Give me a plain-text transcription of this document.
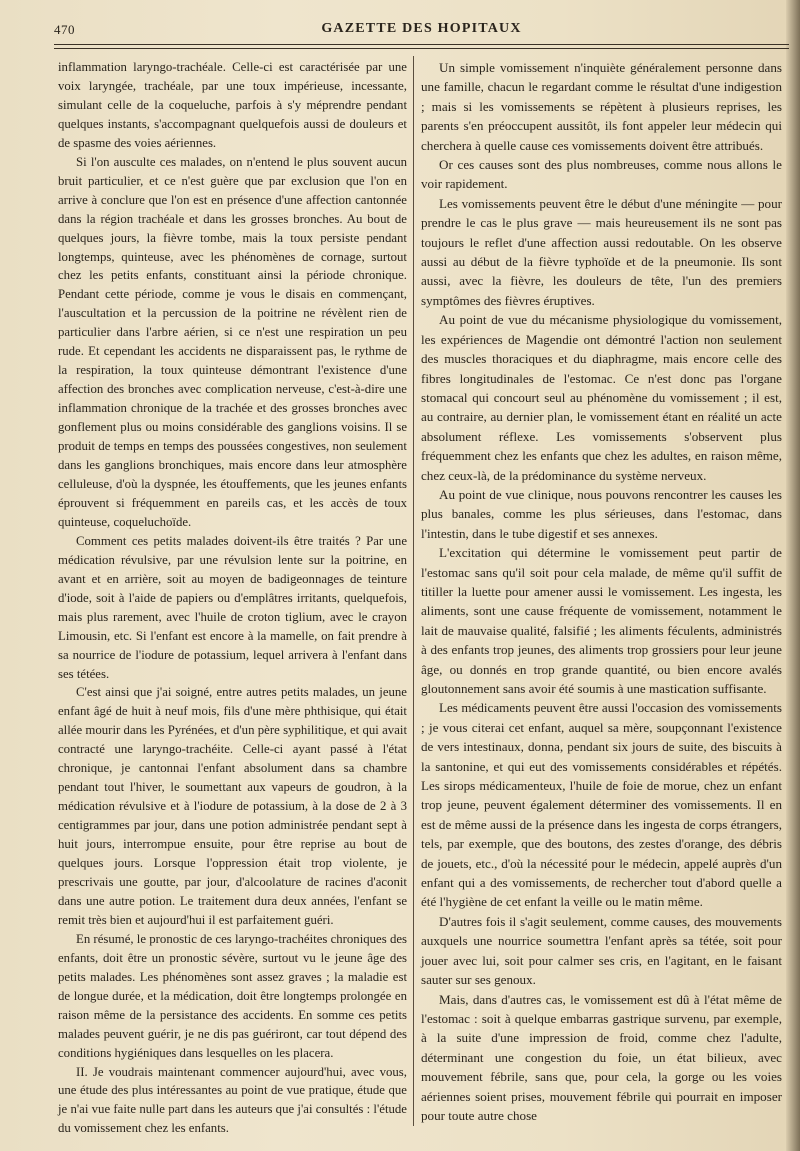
470	GAZETTE DES HOPITAUX

inflammation laryngo-trachéale. Celle-ci est caractérisée par une voix laryngée, trachéale, par une toux impérieuse, incessante, simulant celle de la coqueluche, parfois à s'y méprendre pendant quelques instants, s'accompagnant quelquefois aussi de douleurs et de spasme des voies aériennes.

Si l'on ausculte ces malades, on n'entend le plus souvent aucun bruit particulier, et ce n'est guère que par exclusion que l'on en arrive à conclure que l'on est en présence d'une affection cantonnée dans la région trachéale et dans les grosses bronches. Au bout de quelques jours, la fièvre tombe, mais la toux persiste pendant longtemps, quinteuse, avec les phénomènes de cornage, surtout chez les petits enfants, constituant ainsi la période chronique. Pendant cette période, comme je vous le disais en commençant, l'auscultation et la percussion de la poitrine ne révèlent rien de particulier dans l'arbre aérien, si ce n'est une respiration un peu rude. Et cependant les accidents ne disparaissent pas, le rythme de la respiration, la toux quinteuse démontrant l'existence d'une affection des bronches avec complication nerveuse, c'est-à-dire une inflammation chronique de la trachée et des grosses bronches avec gonflement plus ou moins considérable des ganglions voisins. Il se produit de temps en temps des poussées congestives, non seulement dans les ganglions bronchiques, mais encore dans leur atmosphère celluleuse, d'où la dyspnée, les étouffements, que les jeunes enfants éprouvent si fréquemment en pareils cas, et les accès de toux quinteuse, coqueluchoïde.

Comment ces petits malades doivent-ils être traités ? Par une médication révulsive, par une révulsion lente sur la poitrine, en avant et en arrière, soit au moyen de badigeonnages de teinture d'iode, soit à l'aide de papiers ou d'emplâtres irritants, quelquefois, mais plus rarement, avec l'huile de croton tiglium, avec le crayon Limousin, etc. Si l'enfant est encore à la mamelle, on fait prendre à sa nourrice de l'iodure de potassium, lequel arrivera à l'enfant dans ses tétées.

C'est ainsi que j'ai soigné, entre autres petits malades, un jeune enfant âgé de huit à neuf mois, fils d'une mère phthisique, qui était allée mourir dans les Pyrénées, et d'un père syphilitique, et qui avait contracté une laryngo-trachéite. Celle-ci ayant passé à l'état chronique, je cantonnai l'enfant absolument dans sa chambre pendant tout l'hiver, le soumettant aux vapeurs de goudron, à la médication révulsive et à l'iodure de potassium, à la dose de 2 à 3 centigrammes par jour, dans une potion administrée pendant sept à huit jours, interrompue ensuite, pour être reprise au bout de quelques jours. Lorsque l'oppression était trop violente, je prescrivais une goutte, par jour, d'alcoolature de racines d'aconit dans une autre potion. Le traitement dura deux années, l'enfant se remit très bien et aujourd'hui il est parfaitement guéri.

En résumé, le pronostic de ces laryngo-trachéites chroniques des enfants, doit être un pronostic sévère, surtout vu le jeune âge des petits malades. Les phénomènes sont assez graves ; la maladie est de longue durée, et la médication, doit être longtemps prolongée en raison même de la persistance des accidents. En somme ces petits malades peuvent guérir, je ne dis pas guériront, car tout dépend des conditions hygiéniques dans lesquelles on les placera.

II. Je voudrais maintenant commencer aujourd'hui, avec vous, une étude des plus intéressantes au point de vue pratique, étude que je n'ai vue faite nulle part dans les auteurs que j'ai consultés : l'étude du vomissement chez les enfants.

Un simple vomissement n'inquiète généralement personne dans une famille, chacun le regardant comme le résultat d'une indigestion ; mais si les vomissements se répètent à plusieurs reprises, les parents s'en préoccupent aussitôt, ils font appeler leur médecin qui cherchera à quelle cause ces vomissements doivent être attribués.

Or ces causes sont des plus nombreuses, comme nous allons le voir rapidement.

Les vomissements peuvent être le début d'une méningite — pour prendre le cas le plus grave — mais heureusement ils ne sont pas toujours le reflet d'une affection aussi redoutable. On les observe aussi au début de la fièvre typhoïde et de la pneumonie. Ils sont aussi, avec la fièvre, les douleurs de tête, l'un des premiers symptômes des fièvres éruptives.

Au point de vue du mécanisme physiologique du vomissement, les expériences de Magendie ont démontré l'action non seulement des muscles thoraciques et du diaphragme, mais encore celle des fibres longitudinales de l'estomac. Ce n'est donc pas l'organe stomacal qui concourt seul au phénomène du vomissement ; il est, au contraire, au dernier plan, le vomissement étant en réalité un acte absolument réflexe. Les vomissements s'observent plus fréquemment chez les enfants que chez les adultes, en raison même, chez ceux-là, de la prédominance du système nerveux.

Au point de vue clinique, nous pouvons rencontrer les causes les plus banales, comme les plus sérieuses, dans l'estomac, dans l'intestin, dans le tube digestif et ses annexes.

L'excitation qui détermine le vomissement peut partir de l'estomac sans qu'il soit pour cela malade, de même qu'il suffit de titiller la luette pour amener aussi le vomissement. Les ingesta, les aliments, sont une cause fréquente de vomissement, notamment le lait de mauvaise qualité, falsifié ; les aliments féculents, administrés à des enfants trop jeunes, des aliments trop grossiers pour leur jeune âge, ou donnés en trop grande quantité, ou bien encore avalés gloutonnement sans avoir été soumis à une mastication suffisante.

Les médicaments peuvent être aussi l'occasion des vomissements ; je vous citerai cet enfant, auquel sa mère, soupçonnant l'existence de vers intestinaux, donna, pendant six jours de suite, des biscuits à la santonine, et qui eut des vomissements considérables et répétés. Les sirops médicamenteux, l'huile de foie de morue, chez un enfant trop jeune, peuvent également déterminer des vomissements. Il en est de même aussi de la présence dans les ingesta de corps étrangers, tels, par exemple, que des boutons, des zestes d'orange, des débris de jouets, etc., d'où la nécessité pour le médecin, appelé auprès d'un enfant qui a des vomissements, de rechercher tout d'abord quelle a été l'hygiène de cet enfant la veille ou le matin même.

D'autres fois il s'agit seulement, comme causes, des mouvements auxquels une nourrice soumettra l'enfant après sa tétée, soit pour jouer avec lui, soit pour calmer ses cris, en l'agitant, en le faisant sauter sur ses genoux.

Mais, dans d'autres cas, le vomissement est dû à l'état même de l'estomac : soit à quelque embarras gastrique survenu, par exemple, à la suite d'une impression de froid, comme chez l'adulte, déterminant une congestion du foie, un état bilieux, avec mouvement fébrile, sans que, pour cela, la gorge ou les voies aériennes soient prises, mouvement fébrile qui pourrait en imposer pour toute autre chose
